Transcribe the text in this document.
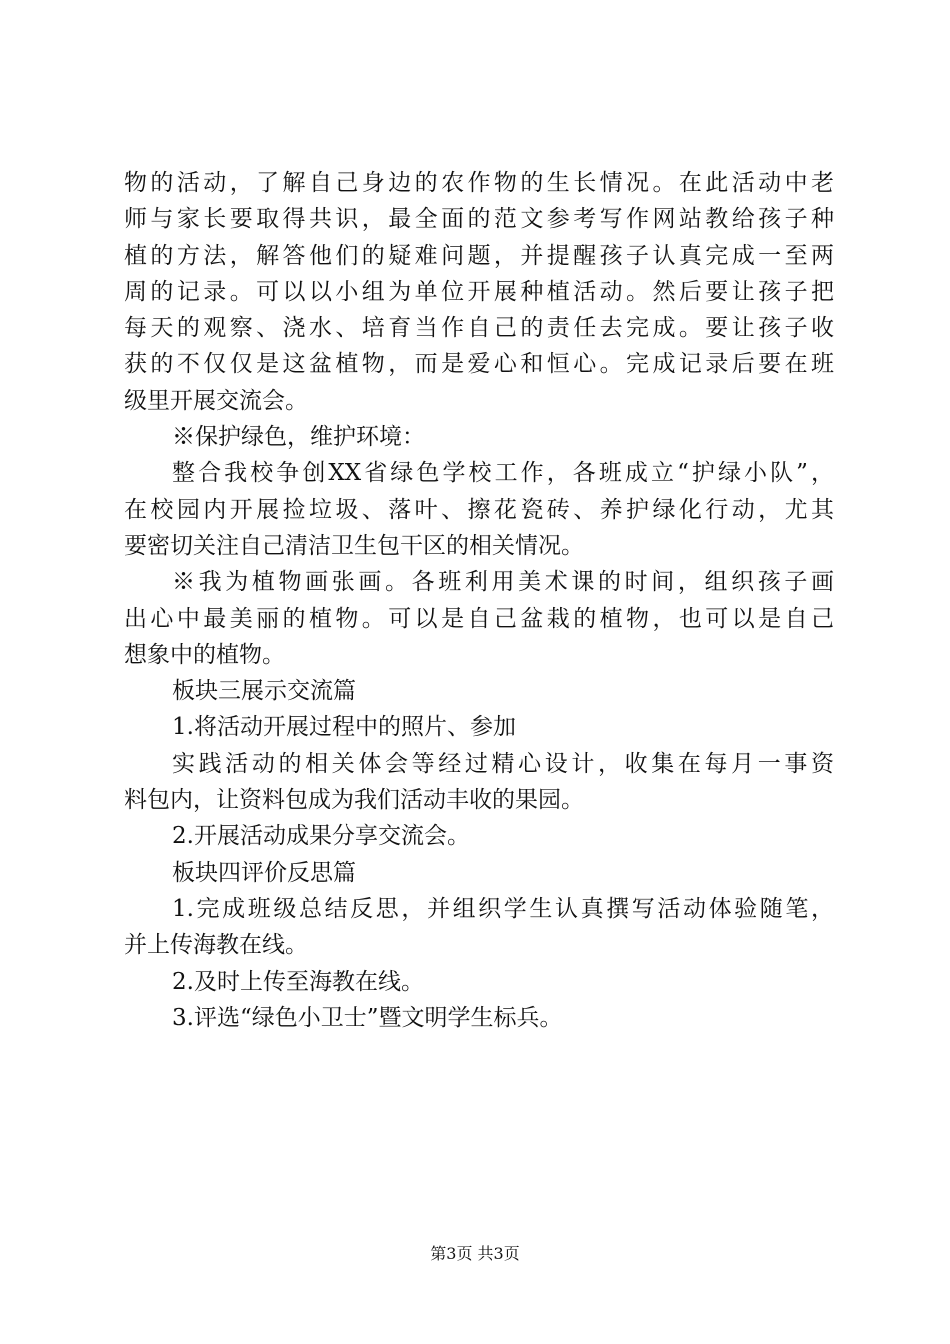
物的活动，了解自己身边的农作物的生长情况。在此活动中老
师与家长要取得共识，最全面的范文参考写作网站教给孩子种
植的方法，解答他们的疑难问题，并提醒孩子认真完成一至两
周的记录。可以以小组为单位开展种植活动。然后要让孩子把
每天的观察、浇水、培育当作自己的责任去完成。要让孩子收
获的不仅仅是这盆植物，而是爱心和恒心。完成记录后要在班
级里开展交流会。
※保护绿色，维护环境：
整合我校争创XX省绿色学校工作，各班成立“护绿小队”，
在校园内开展捡垃圾、落叶、擦花瓷砖、养护绿化行动，尤其
要密切关注自己清洁卫生包干区的相关情况。
※我为植物画张画。各班利用美术课的时间，组织孩子画
出心中最美丽的植物。可以是自己盆栽的植物，也可以是自己
想象中的植物。
板块三展示交流篇
1.将活动开展过程中的照片、参加
实践活动的相关体会等经过精心设计，收集在每月一事资
料包内，让资料包成为我们活动丰收的果园。
2.开展活动成果分享交流会。
板块四评价反思篇
1.完成班级总结反思，并组织学生认真撰写活动体验随笔，
并上传海教在线。
2.及时上传至海教在线。
3.评选“绿色小卫士”暨文明学生标兵。
第3页 共3页
